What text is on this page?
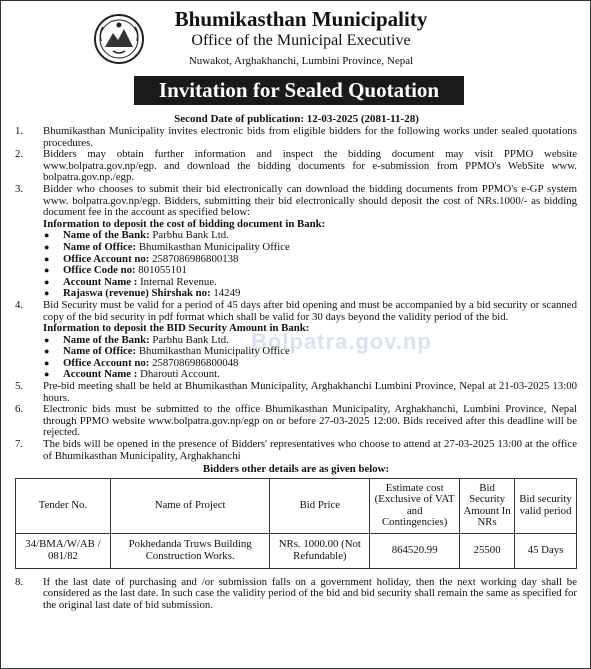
Bhumikasthan Municipality
Office of the Municipal Executive
Nuwakot, Arghakhanchi, Lumbini Province, Nepal
Invitation for Sealed Quotation
Second Date of publication: 12-03-2025 (2081-11-28)
Bolpatra.gov.np
1. Bhumikasthan Municipality invites electronic bids from eligible bidders for the following works under sealed quotations procedures.
2. Bidders may obtain further information and inspect the bidding document may visit PPMO website www.bolpatra.gov.np/egp. and download the bidding documents for e-submission from PPMO's WebSite www. bolpatra.gov.np./egp.
3. Bidder who chooses to submit their bid electronically can download the bidding documents from PPMO's e-GP system www. bolpatra.gov.np/egp. Bidders, submitting their bid electronically should deposit the cost of NRs.1000/- as bidding document fee in the account as specified below:
Information to deposit the cost of bidding document in Bank:
● Name of the Bank: Parbhu Bank Ltd.
● Name of Office: Bhumikasthan Municipality Office
● Office Account no: 2587086986800138
● Office Code no: 801055101
● Account Name : Internal Revenue.
● Rajaswa (revenue) Shirshak no: 14249
4. Bid Security must be valid for a period of 45 days after bid opening and must be accompanied by a bid security or scanned copy of the bid security in pdf format which shall be valid for 30 days beyond the validity period of the bid.
Information to deposit the BID Security Amount in Bank:
● Name of the Bank: Parbhu Bank Ltd.
● Name of Office: Bhumikasthan Municipality Office
● Office Account no: 2587086986800048
● Account Name : Dharouti Account.
5. Pre-bid meeting shall be held at Bhumikasthan Municipality, Arghakhanchi Lumbini Province, Nepal at 21-03-2025 13:00 hours.
6. Electronic bids must be submitted to the office Bhumikasthan Municipality, Arghakhanchi, Lumbini Province, Nepal through PPMO website www.bolpatra.gov.np/egp on or before 27-03-2025 12:00. Bids received after this deadline will be rejected.
7. The bids will be opened in the presence of Bidders' representatives who choose to attend at 27-03-2025 13:00 at the office of Bhumikasthan Municipality, Arghakhanchi
Bidders other details are as given below:
Tender No.	Name of Project	Bid Price	Estimate cost (Exclusive of VAT and Contingencies)	Bid Security Amount In NRs	Bid security valid period
34/BMA/W/AB / 081/82	Pokhedanda Truws Building Construction Works.	NRs. 1000.00 (Not Refundable)	864520.99	25500	45 Days
8. If the last date of purchasing and /or submission falls on a government holiday, then the next working day shall be considered as the last date. In such case the validity period of the bid and bid security shall remain the same as specified for the original last date of bid submission.
